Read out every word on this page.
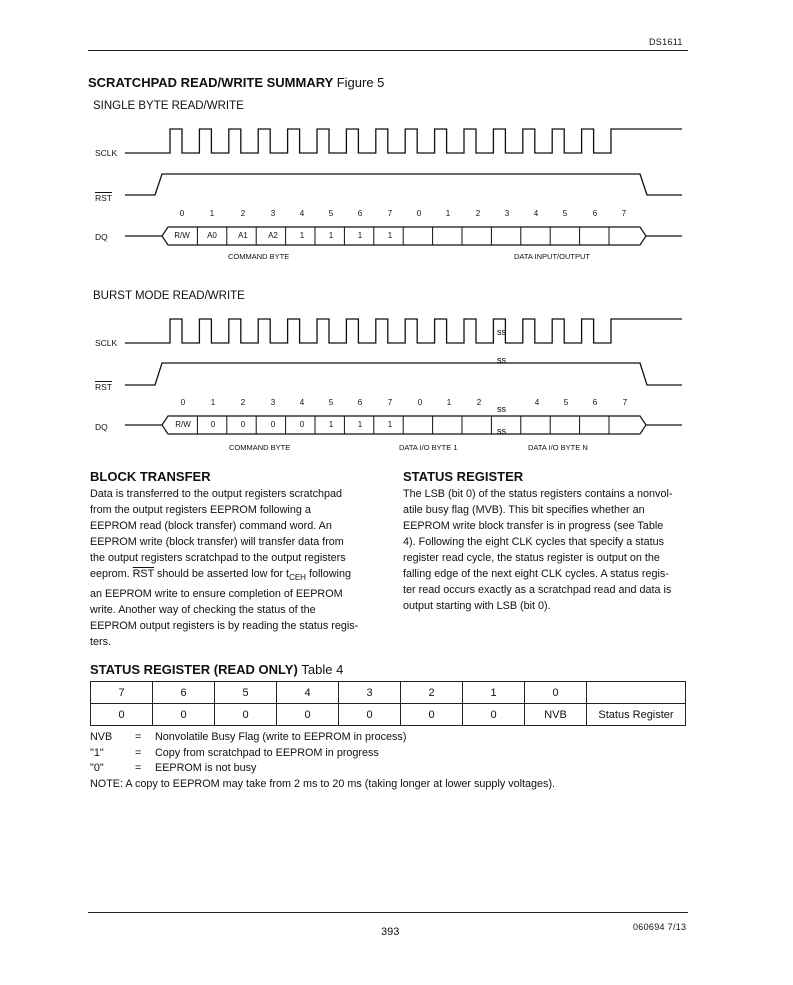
DS1611
SCRATCHPAD READ/WRITE SUMMARY Figure 5
SINGLE BYTE READ/WRITE
BURST MODE READ/WRITE
ss
ss
ss
ss
SCLK
$\overline{RST}$
DQ
SCLK
$\overline{RST}$
DQ
0	1	2	3	4	5	6	7	0	1	2	3	4	5	6	7
R/W	A0	A1	A2	1	1	1	1
COMMAND BYTE	DATA INPUT/OUTPUT
0	1	2	3	4	5	6	7	0	1	2	4	5	6	7
R/W	0	0	0	0	1	1	1
COMMAND BYTE	DATA I/O BYTE 1	DATA I/O BYTE N
BLOCK TRANSFER
Data is transferred to the output registers scratchpad
from the output registers EEPROM following a
EEPROM read (block transfer) command word. An
EEPROM write (block transfer) will transfer data from
the output registers scratchpad to the output registers
eeprom. $\overline{RST}$ should be asserted low for $t_{CEH}$ following
an EEPROM write to ensure completion of EEPROM
write. Another way of checking the status of the
EEPROM output registers is by reading the status regis-
ters.
STATUS REGISTER
The LSB (bit 0) of the status registers contains a nonvol-
atile busy flag (MVB). This bit specifies whether an
EEPROM write block transfer is in progress (see Table
4). Following the eight CLK cycles that specify a status
register read cycle, the status register is output on the
falling edge of the next eight CLK cycles. A status regis-
ter read occurs exactly as a scratchpad read and data is
output starting with LSB (bit 0).
STATUS REGISTER (READ ONLY) Table 4
7	6	5	4	3	2	1	0	
0	0	0	0	0	0	0	NVB	Status Register
NVB = Nonvolatile Busy Flag (write to EEPROM in process)
"1"	= Copy from scratchpad to EEPROM in progress
"0"	= EEPROM is not busy
NOTE: A copy to EEPROM may take from 2 ms to 20 ms (taking longer at lower supply voltages).
060694 7/13
393
